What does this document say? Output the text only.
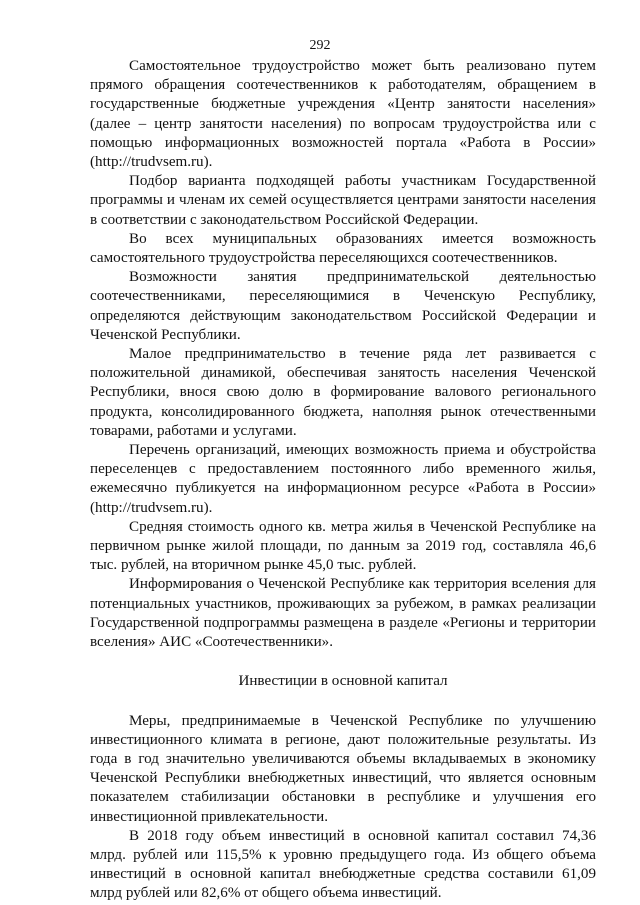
292

Самостоятельное трудоустройство может быть реализовано путем прямого обращения соотечественников к работодателям, обращением в государственные бюджетные учреждения «Центр занятости населения» (далее – центр занятости населения) по вопросам трудоустройства или с помощью информационных возможностей портала «Работа в России» (http://trudvsem.ru).

Подбор варианта подходящей работы участникам Государственной программы и членам их семей осуществляется центрами занятости населения в соответствии с законодательством Российской Федерации.

Во всех муниципальных образованиях имеется возможность самостоятельного трудоустройства переселяющихся соотечественников.

Возможности занятия предпринимательской деятельностью соотечественниками, переселяющимися в Чеченскую Республику, определяются действующим законодательством Российской Федерации и Чеченской Республики.

Малое предпринимательство в течение ряда лет развивается с положительной динамикой, обеспечивая занятость населения Чеченской Республики, внося свою долю в формирование валового регионального продукта, консолидированного бюджета, наполняя рынок отечественными товарами, работами и услугами.

Перечень организаций, имеющих возможность приема и обустройства переселенцев с предоставлением постоянного либо временного жилья, ежемесячно публикуется на информационном ресурсе «Работа в России» (http://trudvsem.ru).

Средняя стоимость одного кв. метра жилья в Чеченской Республике на первичном рынке жилой площади, по данным за 2019 год, составляла 46,6 тыс. рублей, на вторичном рынке 45,0 тыс. рублей.

Информирования о Чеченской Республике как территория вселения для потенциальных участников, проживающих за рубежом, в рамках реализации Государственной подпрограммы размещена в разделе «Регионы и территории вселения» АИС «Соотечественники».

Инвестиции в основной капитал

Меры, предпринимаемые в Чеченской Республике по улучшению инвестиционного климата в регионе, дают положительные результаты. Из года в год значительно увеличиваются объемы вкладываемых в экономику Чеченской Республики внебюджетных инвестиций, что является основным показателем стабилизации обстановки в республике и улучшения его инвестиционной привлекательности.

В 2018 году объем инвестиций в основной капитал составил 74,36 млрд. рублей или 115,5% к уровню предыдущего года. Из общего объема инвестиций в основной капитал внебюджетные средства составили 61,09 млрд рублей или 82,6% от общего объема инвестиций.
